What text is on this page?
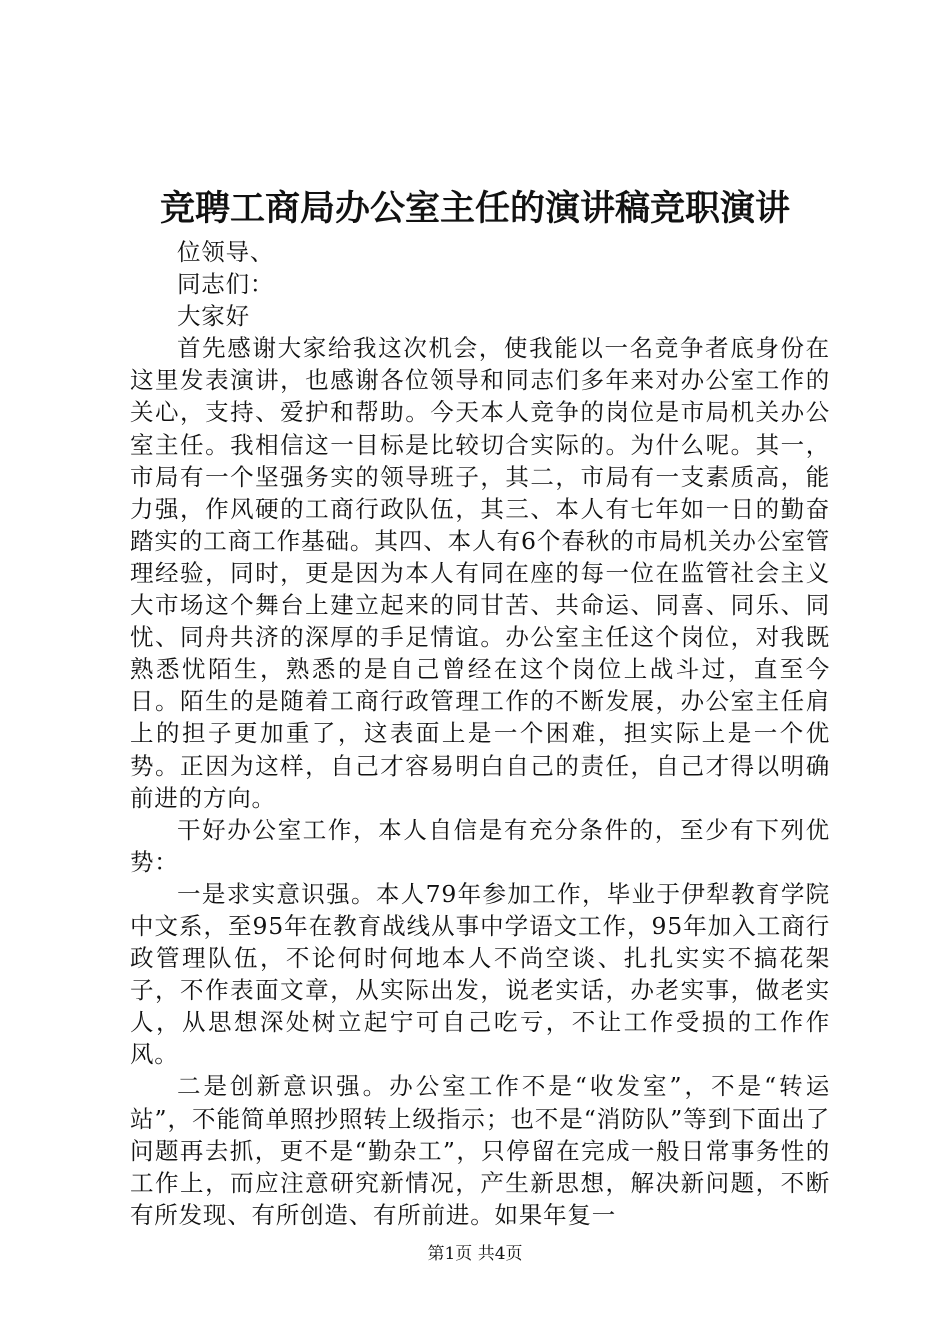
竞聘工商局办公室主任的演讲稿竞职演讲

位领导、

同志们：

大家好

首先感谢大家给我这次机会，使我能以一名竞争者底身份在这里发表演讲，也感谢各位领导和同志们多年来对办公室工作的关心，支持、爱护和帮助。今天本人竞争的岗位是市局机关办公室主任。我相信这一目标是比较切合实际的。为什么呢。其一，市局有一个坚强务实的领导班子，其二，市局有一支素质高，能力强，作风硬的工商行政队伍，其三、本人有七年如一日的勤奋踏实的工商工作基础。其四、本人有6个春秋的市局机关办公室管理经验，同时，更是因为本人有同在座的每一位在监管社会主义大市场这个舞台上建立起来的同甘苦、共命运、同喜、同乐、同忧、同舟共济的深厚的手足情谊。办公室主任这个岗位，对我既熟悉忧陌生，熟悉的是自己曾经在这个岗位上战斗过，直至今日。陌生的是随着工商行政管理工作的不断发展，办公室主任肩上的担子更加重了，这表面上是一个困难，担实际上是一个优势。正因为这样，自己才容易明白自己的责任，自己才得以明确前进的方向。

干好办公室工作，本人自信是有充分条件的，至少有下列优势：

一是求实意识强。本人79年参加工作，毕业于伊犁教育学院中文系，至95年在教育战线从事中学语文工作，95年加入工商行政管理队伍，不论何时何地本人不尚空谈、扎扎实实不搞花架子，不作表面文章，从实际出发，说老实话，办老实事，做老实人，从思想深处树立起宁可自己吃亏，不让工作受损的工作作风。

二是创新意识强。办公室工作不是“收发室”，不是“转运站”，不能简单照抄照转上级指示；也不是“消防队”等到下面出了问题再去抓，更不是“勤杂工”，只停留在完成一般日常事务性的工作上，而应注意研究新情况，产生新思想，解决新问题，不断有所发现、有所创造、有所前进。如果年复一

第1页 共4页
